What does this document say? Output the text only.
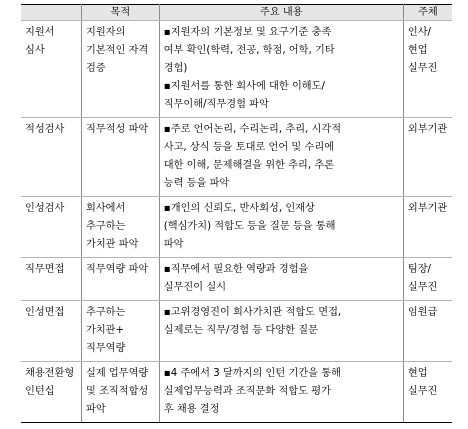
	목적	주요 내용	주체

지원서
심사	지원자의
기본적인 자격
검증	▪지원자의 기본정보 및 요구기준 충족
여부 확인(학력, 전공, 학점, 어학, 기타
경험)
▪지원서를 통한 회사에 대한 이해도/
직무이해/직무경험 파악	인사/
현업
실무진

적성검사	직무적성 파악	▪주로 언어논리, 수리논리, 추리, 시각적
사고, 상식 등을 토대로 언어 및 수리에
대한 이해, 문제해결을 위한 추리, 추론
능력 등을 파악	외부기관

인성검사	회사에서
추구하는
가치관 파악	▪개인의 신뢰도, 반사회성, 인재상
(핵심가치) 적합도 등을 질문 등을 통해
파악	외부기관

직무면접	직무역량 파악	▪직무에서 필요한 역량과 경험을
실무진이 실시	팀장/
실무진

인성면접	추구하는
가치관+
직무역량	▪고위경영진이 회사가치관 적합도 면접,
실제로는 직무/경험 등 다양한 질문	임원급

채용전환형
인턴십	실제 업무역량
및 조직적합성
파악	▪4 주에서 3 달까지의 인턴 기간을 통해
실제업무능력과 조직문화 적합도 평가
후 채용 결정	현업
실무진
